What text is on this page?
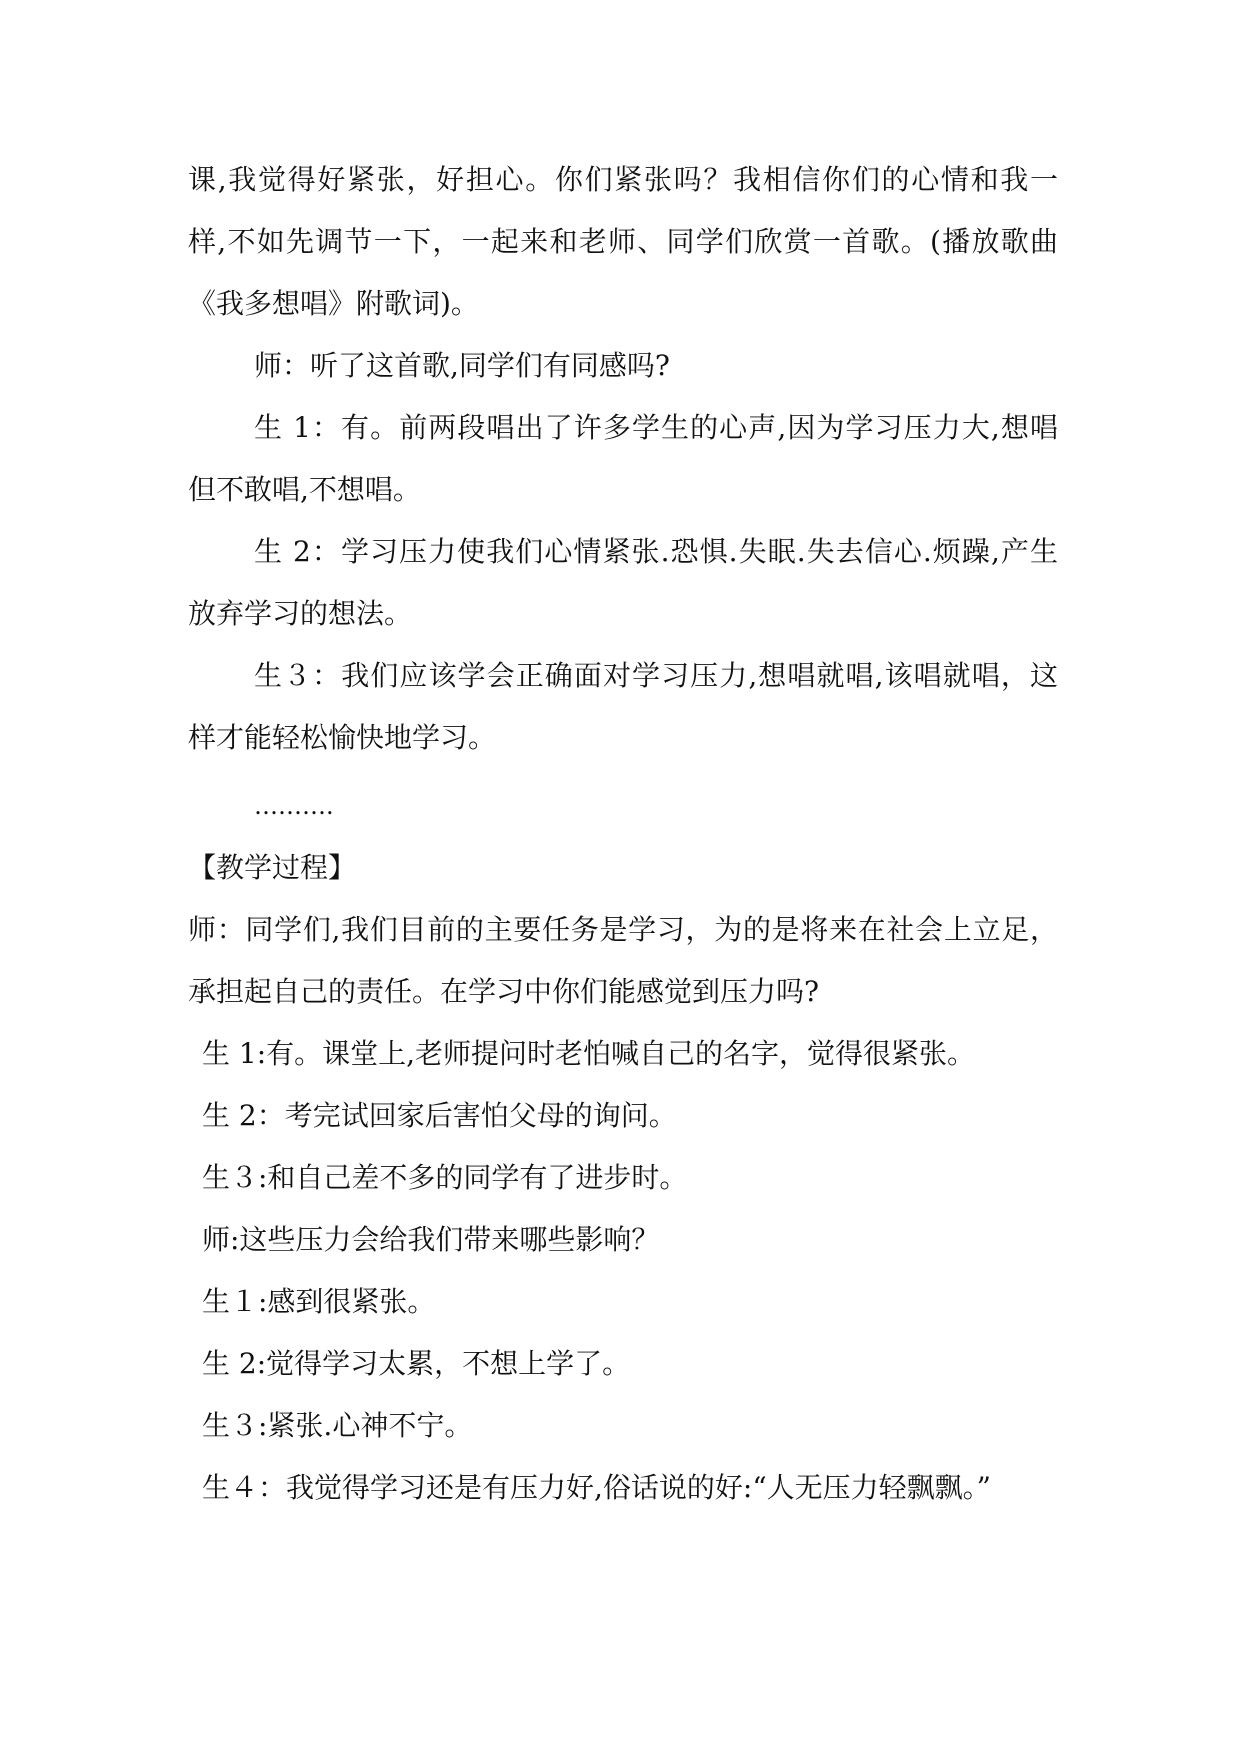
课,我觉得好紧张，好担心。你们紧张吗？我相信你们的心情和我一
样,不如先调节一下，一起来和老师、同学们欣赏一首歌。(播放歌曲
《我多想唱》附歌词)。
师：听了这首歌,同学们有同感吗?
生 1：有。前两段唱出了许多学生的心声,因为学习压力大,想唱
但不敢唱,不想唱。
生 2：学习压力使我们心情紧张.恐惧.失眠.失去信心.烦躁,产生
放弃学习的想法。
生３：我们应该学会正确面对学习压力,想唱就唱,该唱就唱，这
样才能轻松愉快地学习。
……….
【教学过程】
师：同学们,我们目前的主要任务是学习，为的是将来在社会上立足，
承担起自己的责任。在学习中你们能感觉到压力吗?
生 1:有。课堂上,老师提问时老怕喊自己的名字，觉得很紧张。
生 2：考完试回家后害怕父母的询问。
生３:和自己差不多的同学有了进步时。
师:这些压力会给我们带来哪些影响？
生１:感到很紧张。
生 2:觉得学习太累，不想上学了。
生３:紧张.心神不宁。
生４：我觉得学习还是有压力好,俗话说的好:“人无压力轻飘飘。”
